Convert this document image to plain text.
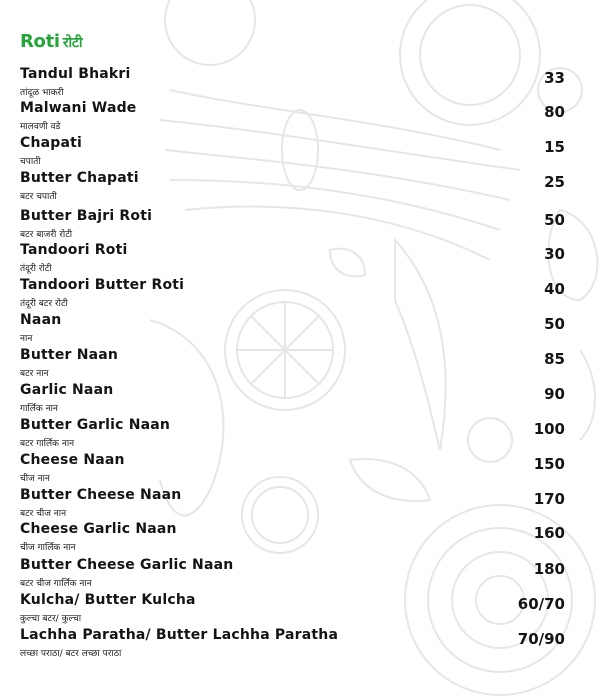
Roti रोटी
Tandul Bhakri
तांदूळ भाकरी
33
Malwani Wade
मालवणी वडे
80
Chapati
चपाती
15
Butter Chapati
बटर चपाती
25
Butter Bajri Roti
बटर बाजरी रोटी
50
Tandoori Roti
तंदूरी रोटी
30
Tandoori Butter Roti
तंदूरी बटर रोटी
40
Naan
नान
50
Butter Naan
बटर नान
85
Garlic Naan
गार्लिक नान
90
Butter Garlic Naan
बटर गार्लिक नान
100
Cheese Naan
चीज नान
150
Butter Cheese Naan
बटर चीज नान
170
Cheese Garlic Naan
चीज गार्लिक नान
160
Butter Cheese Garlic Naan
बटर चीज गार्लिक नान
180
Kulcha/ Butter Kulcha
कुल्चा बटर/ कुल्चा
60/70
Lachha Paratha/ Butter Lachha Paratha
लच्छा पराठा/ बटर लच्छा पराठा
70/90
